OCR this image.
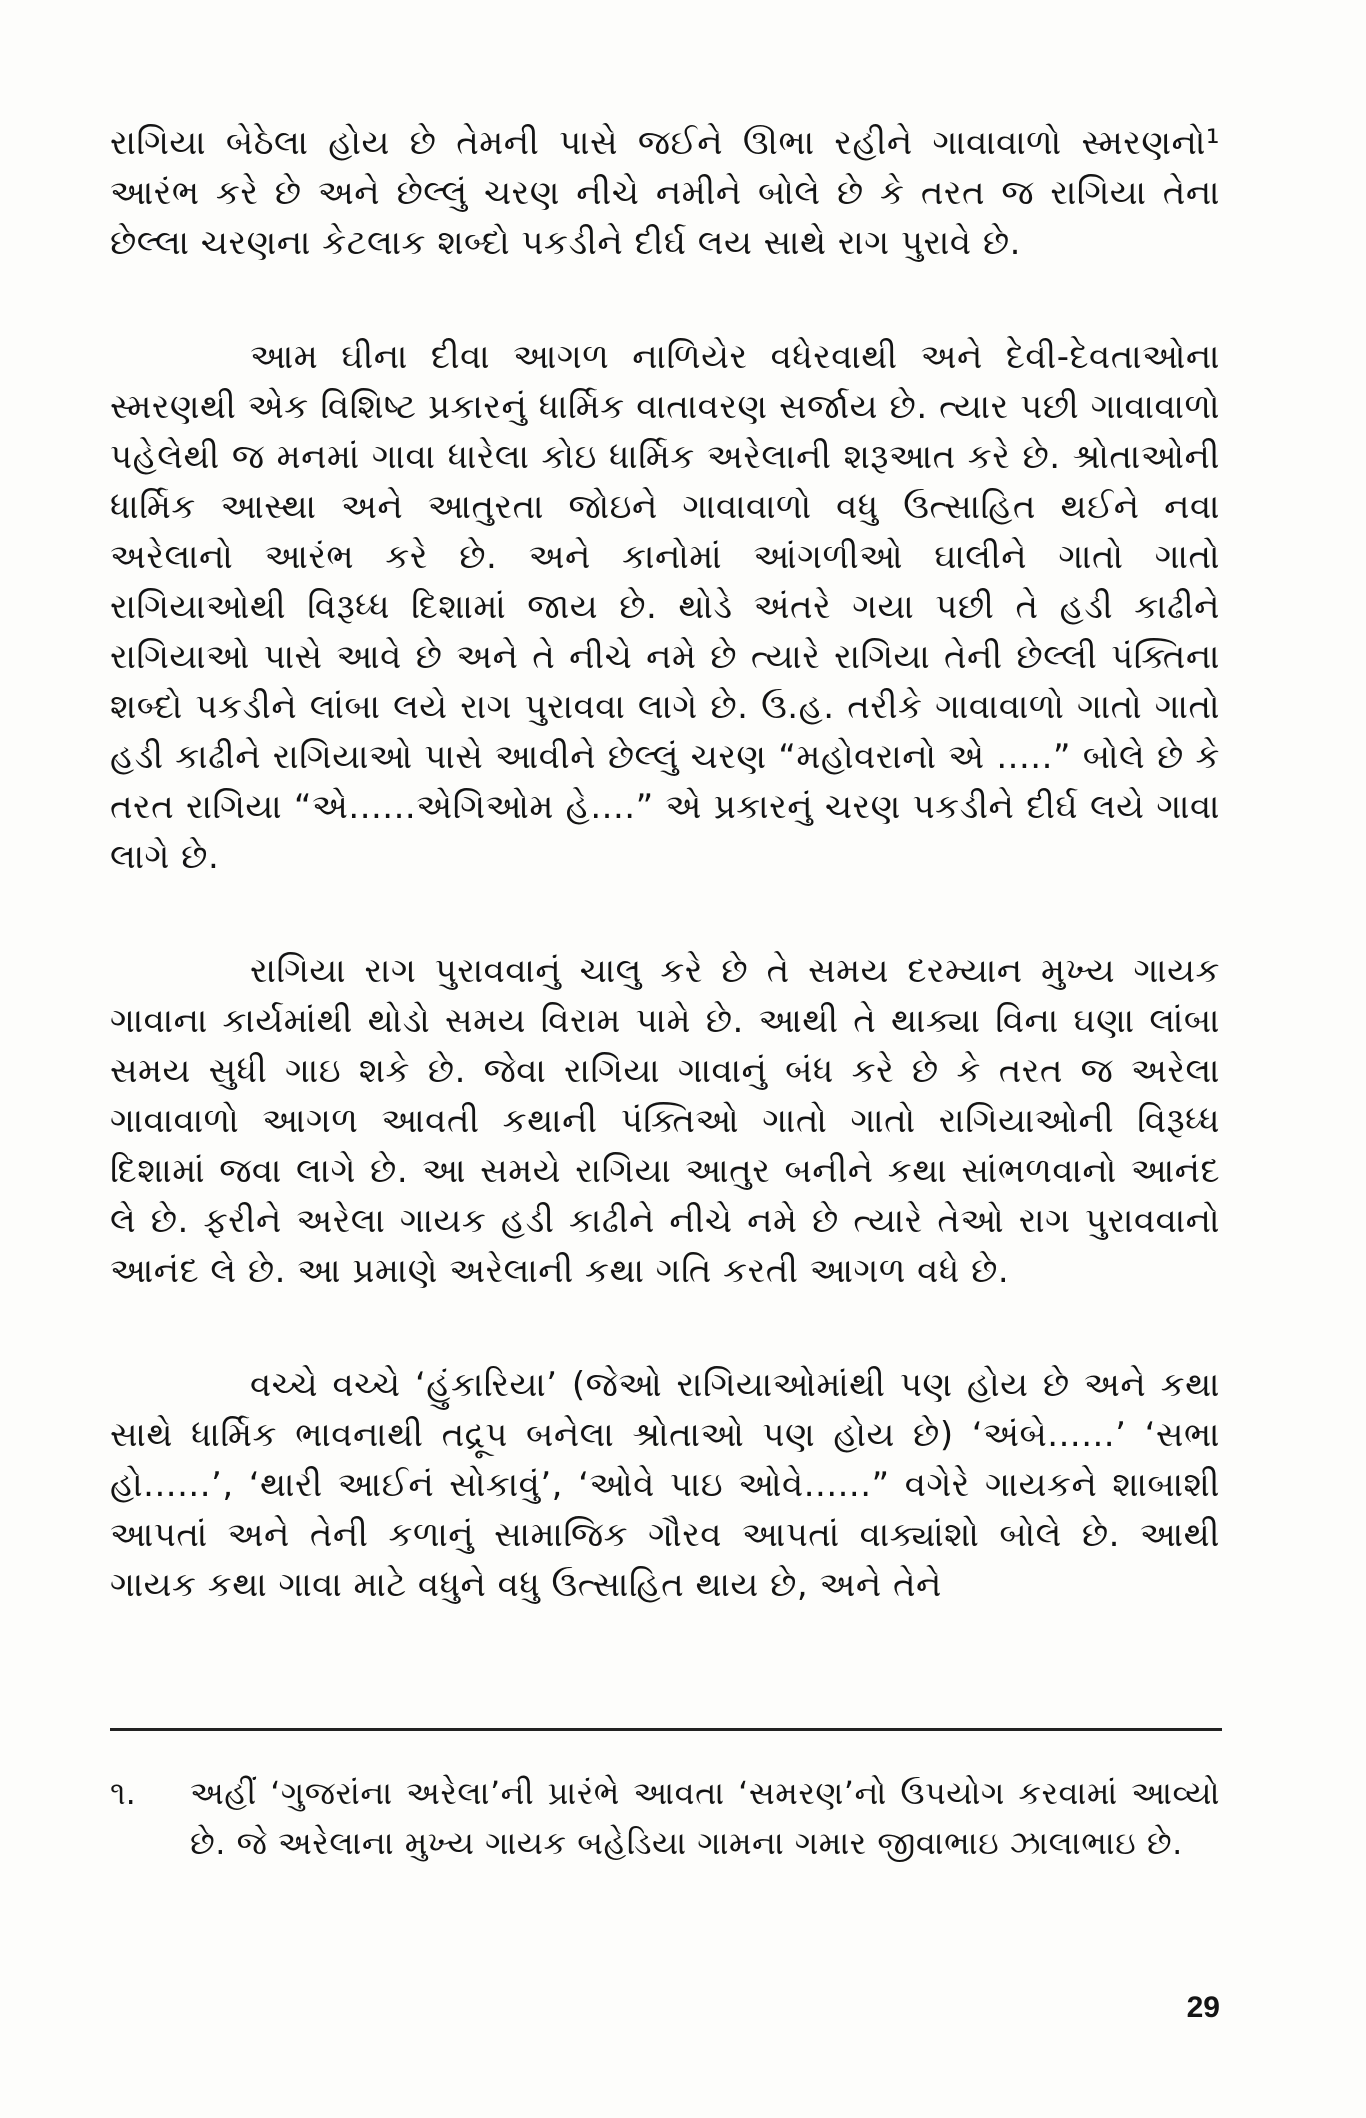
રાગિયા બેઠેલા હોય છે તેમની પાસે જઈને ઊભા રહીને ગાવાવાળો સ્મરણનો¹ આરંભ કરે છે અને છેલ્લું ચરણ નીચે નમીને બોલે છે કે તરત જ રાગિયા તેના છેલ્લા ચરણના કેટલાક શબ્દો પકડીને દીર્ઘ લય સાથે રાગ પુરાવે છે.

આમ ઘીના દીવા આગળ નાળિયેર વધેરવાથી અને દેવી-દેવતાઓના સ્મરણથી એક વિશિષ્ટ પ્રકારનું ધાર્મિક વાતાવરણ સર્જાય છે. ત્યાર પછી ગાવાવાળો પહેલેથી જ મનમાં ગાવા ધારેલા કોઇ ધાર્મિક અરેલાની શરૂઆત કરે છે. શ્રોતાઓની ધાર્મિક આસ્થા અને આતુરતા જોઇને ગાવાવાળો વધુ ઉત્સાહિત થઈને નવા અરેલાનો આરંભ કરે છે. અને કાનોમાં આંગળીઓ ઘાલીને ગાતો ગાતો રાગિયાઓથી વિરૂધ્ધ દિશામાં જાય છે. થોડે અંતરે ગયા પછી તે હડી કાઢીને રાગિયાઓ પાસે આવે છે અને તે નીચે નમે છે ત્યારે રાગિયા તેની છેલ્લી પંક્તિના શબ્દો પકડીને લાંબા લયે રાગ પુરાવવા લાગે છે. ઉ.હ. તરીકે ગાવાવાળો ગાતો ગાતો હડી કાઢીને રાગિયાઓ પાસે આવીને છેલ્લું ચરણ “મહોવરાનો એ .....” બોલે છે કે તરત રાગિયા “એ......એગિઓમ હે....” એ પ્રકારનું ચરણ પકડીને દીર્ઘ લયે ગાવા લાગે છે.

રાગિયા રાગ પુરાવવાનું ચાલુ કરે છે તે સમય દરમ્યાન મુખ્ય ગાયક ગાવાના કાર્યમાંથી થોડો સમય વિરામ પામે છે. આથી તે થાક્યા વિના ઘણા લાંબા સમય સુધી ગાઇ શકે છે. જેવા રાગિયા ગાવાનું બંધ કરે છે કે તરત જ અરેલા ગાવાવાળો આગળ આવતી કથાની પંક્તિઓ ગાતો ગાતો રાગિયાઓની વિરૂધ્ધ દિશામાં જવા લાગે છે. આ સમયે રાગિયા આતુર બનીને કથા સાંભળવાનો આનંદ લે છે. ફરીને અરેલા ગાયક હડી કાઢીને નીચે નમે છે ત્યારે તેઓ રાગ પુરાવવાનો આનંદ લે છે. આ પ્રમાણે અરેલાની કથા ગતિ કરતી આગળ વધે છે.

વચ્ચે વચ્ચે ‘હુંકારિયા’ (જેઓ રાગિયાઓમાંથી પણ હોય છે અને કથા સાથે ધાર્મિક ભાવનાથી તદ્રૂપ બનેલા શ્રોતાઓ પણ હોય છે) ‘અંબે......’ ‘સભા હો......’, ‘થારી આઈનં સોકાવું’, ‘ઓવે પાઇ ઓવે......” વગેરે ગાયકને શાબાશી આપતાં અને તેની કળાનું સામાજિક ગૌરવ આપતાં વાક્યાંશો બોલે છે. આથી ગાયક કથા ગાવા માટે વધુને વધુ ઉત્સાહિત થાય છે, અને તેને

૧.	અહીં ‘ગુજરાંના અરેલા’ની પ્રારંભે આવતા ‘સમરણ’નો ઉપયોગ કરવામાં આવ્યો છે. જે અરેલાના મુખ્ય ગાયક બહેડિયા ગામના ગમાર જીવાભાઇ ઝાલાભાઇ છે.
29
